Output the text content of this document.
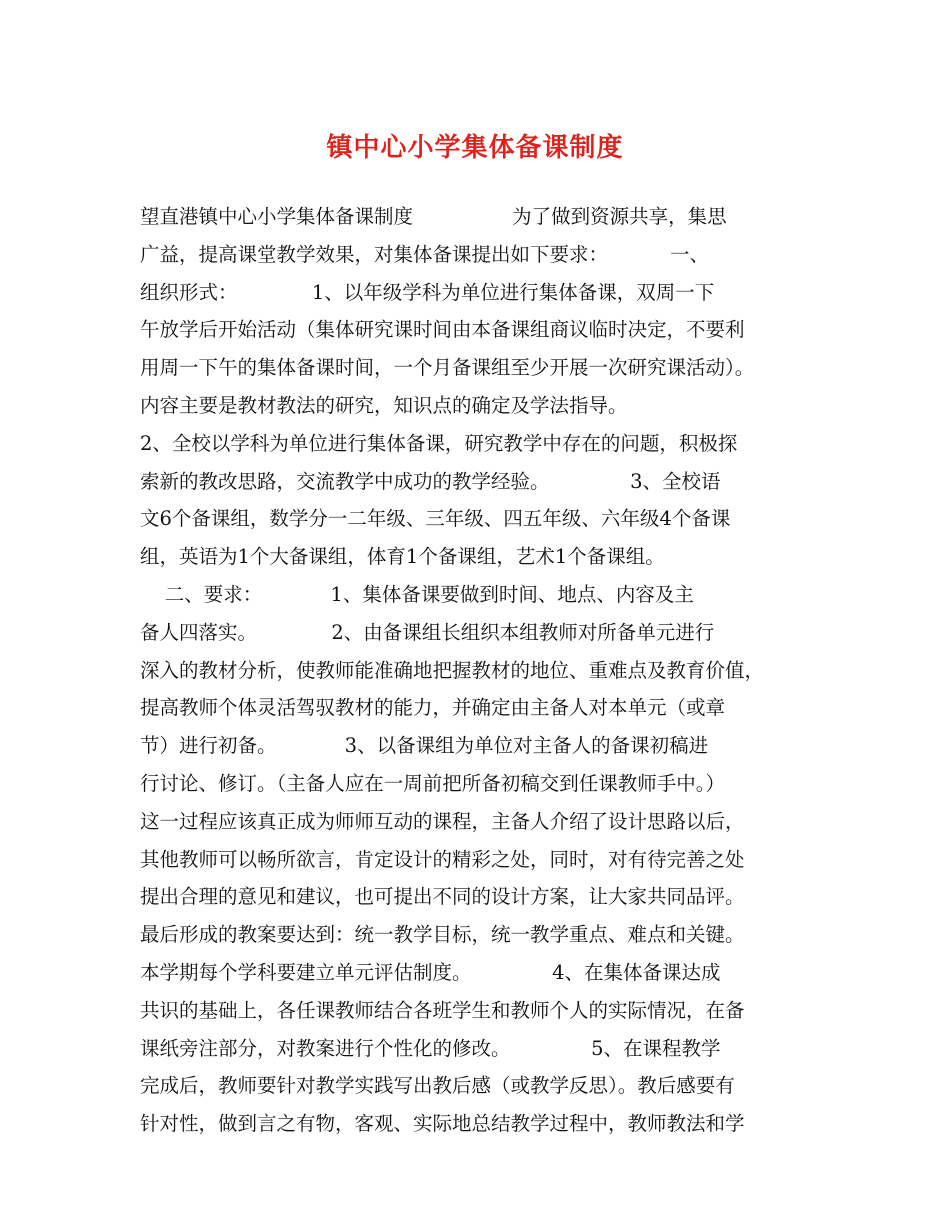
镇中心小学集体备课制度
望直港镇中心小学集体备课制度                为了做到资源共享，集思
广益，提高课堂教学效果，对集体备课提出如下要求：          一、
组织形式：            1、以年级学科为单位进行集体备课，双周一下
午放学后开始活动（集体研究课时间由本备课组商议临时决定，不要利
用周一下午的集体备课时间，一个月备课组至少开展一次研究课活动）。
内容主要是教材教法的研究，知识点的确定及学法指导。
2、全校以学科为单位进行集体备课，研究教学中存在的问题，积极探
索新的教改思路，交流教学中成功的教学经验。             3、全校语
文6个备课组，数学分一二年级、三年级、四五年级、六年级4个备课
组，英语为1个大备课组，体育1个备课组，艺术1个备课组。
二、要求：           1、集体备课要做到时间、地点、内容及主
备人四落实。            2、由备课组长组织本组教师对所备单元进行
深入的教材分析，使教师能准确地把握教材的地位、重难点及教育价值，
提高教师个体灵活驾驭教材的能力，并确定由主备人对本单元（或章
节）进行初备。           3、以备课组为单位对主备人的备课初稿进
行讨论、修订。（主备人应在一周前把所备初稿交到任课教师手中。）
这一过程应该真正成为师师互动的课程，主备人介绍了设计思路以后，
其他教师可以畅所欲言，肯定设计的精彩之处，同时，对有待完善之处
提出合理的意见和建议，也可提出不同的设计方案，让大家共同品评。
最后形成的教案要达到：统一教学目标，统一教学重点、难点和关键。
本学期每个学科要建立单元评估制度。             4、在集体备课达成
共识的基础上，各任课教师结合各班学生和教师个人的实际情况，在备
课纸旁注部分，对教案进行个性化的修改。             5、在课程教学
完成后，教师要针对教学实践写出教后感（或教学反思）。教后感要有
针对性，做到言之有物，客观、实际地总结教学过程中，教师教法和学
